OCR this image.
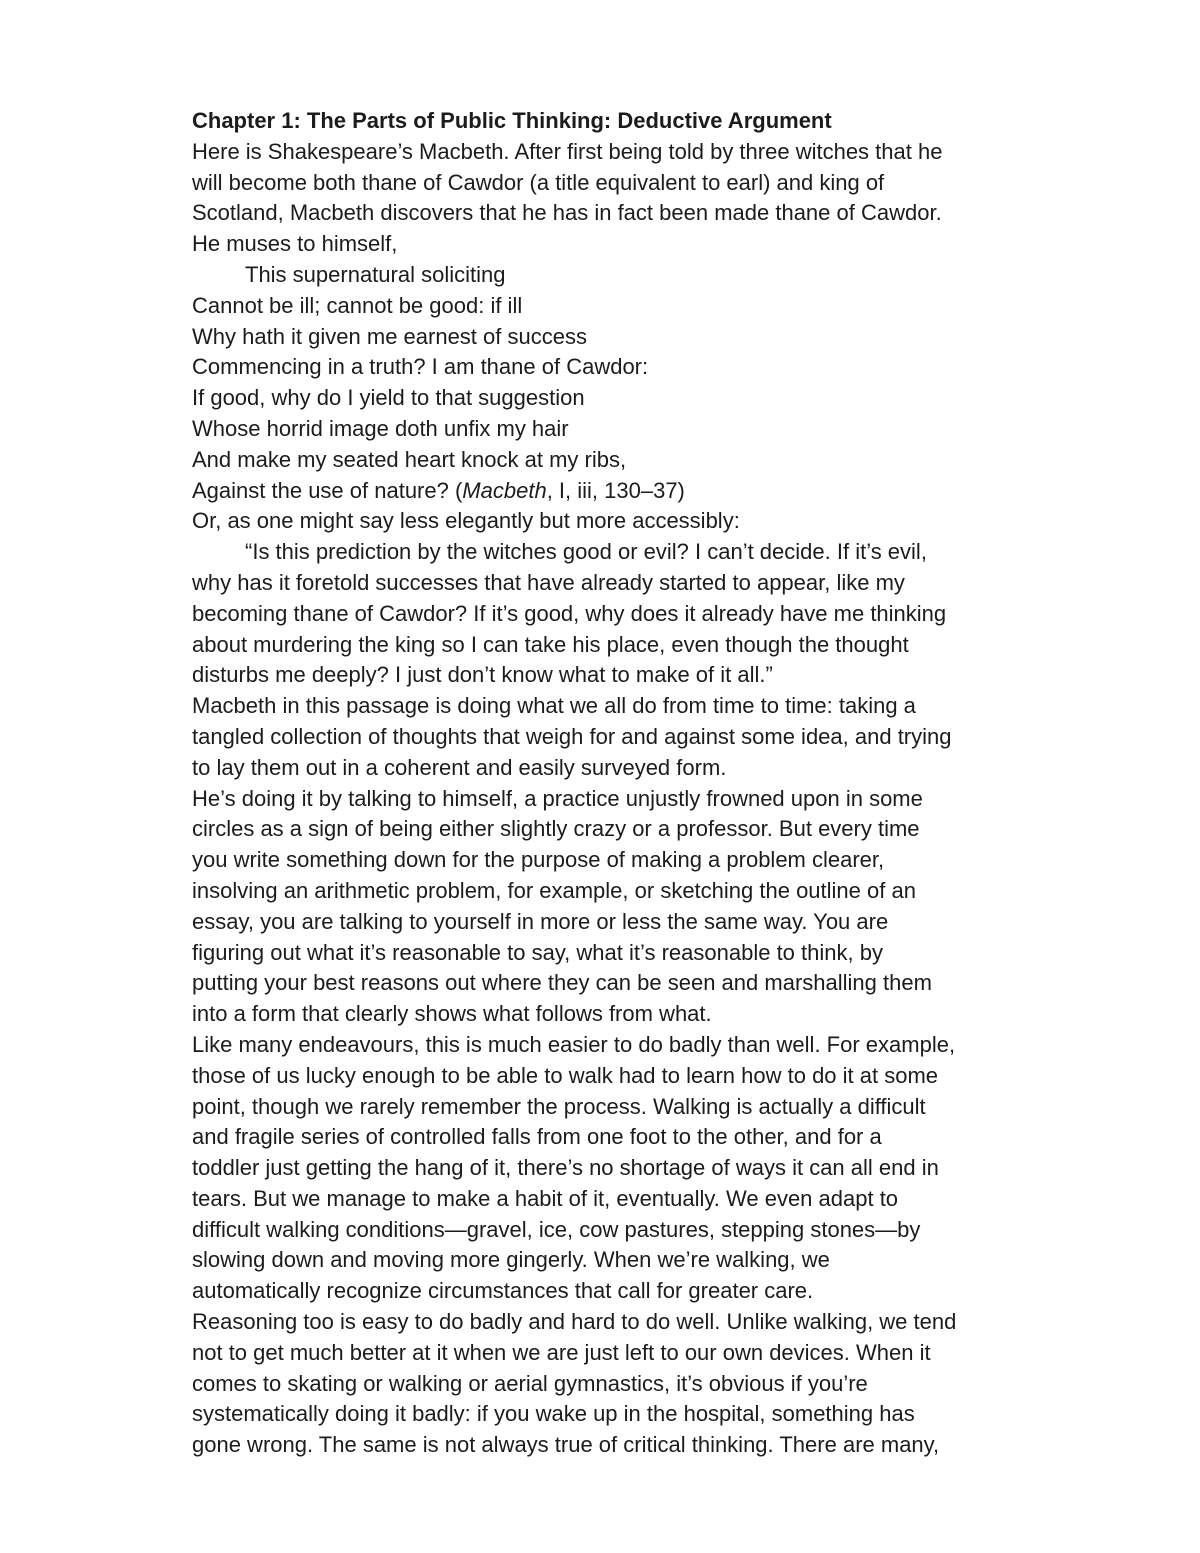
Chapter 1: The Parts of Public Thinking: Deductive Argument
Here is Shakespeare’s Macbeth. After first being told by three witches that he
will become both thane of Cawdor (a title equivalent to earl) and king of
Scotland, Macbeth discovers that he has in fact been made thane of Cawdor.
He muses to himself,
This supernatural soliciting
Cannot be ill; cannot be good: if ill
Why hath it given me earnest of success
Commencing in a truth? I am thane of Cawdor:
If good, why do I yield to that suggestion
Whose horrid image doth unfix my hair
And make my seated heart knock at my ribs,
Against the use of nature? (Macbeth, I, iii, 130–37)
Or, as one might say less elegantly but more accessibly:
“Is this prediction by the witches good or evil? I can’t decide. If it’s evil,
why has it foretold successes that have already started to appear, like my
becoming thane of Cawdor? If it’s good, why does it already have me thinking
about murdering the king so I can take his place, even though the thought
disturbs me deeply? I just don’t know what to make of it all.”
Macbeth in this passage is doing what we all do from time to time: taking a
tangled collection of thoughts that weigh for and against some idea, and trying
to lay them out in a coherent and easily surveyed form.
He’s doing it by talking to himself, a practice unjustly frowned upon in some
circles as a sign of being either slightly crazy or a professor. But every time
you write something down for the purpose of making a problem clearer,
insolving an arithmetic problem, for example, or sketching the outline of an
essay, you are talking to yourself in more or less the same way. You are
figuring out what it’s reasonable to say, what it’s reasonable to think, by
putting your best reasons out where they can be seen and marshalling them
into a form that clearly shows what follows from what.
Like many endeavours, this is much easier to do badly than well. For example,
those of us lucky enough to be able to walk had to learn how to do it at some
point, though we rarely remember the process. Walking is actually a difficult
and fragile series of controlled falls from one foot to the other, and for a
toddler just getting the hang of it, there’s no shortage of ways it can all end in
tears. But we manage to make a habit of it, eventually. We even adapt to
difficult walking conditions—gravel, ice, cow pastures, stepping stones—by
slowing down and moving more gingerly. When we’re walking, we
automatically recognize circumstances that call for greater care.
Reasoning too is easy to do badly and hard to do well. Unlike walking, we tend
not to get much better at it when we are just left to our own devices. When it
comes to skating or walking or aerial gymnastics, it’s obvious if you’re
systematically doing it badly: if you wake up in the hospital, something has
gone wrong. The same is not always true of critical thinking. There are many,
